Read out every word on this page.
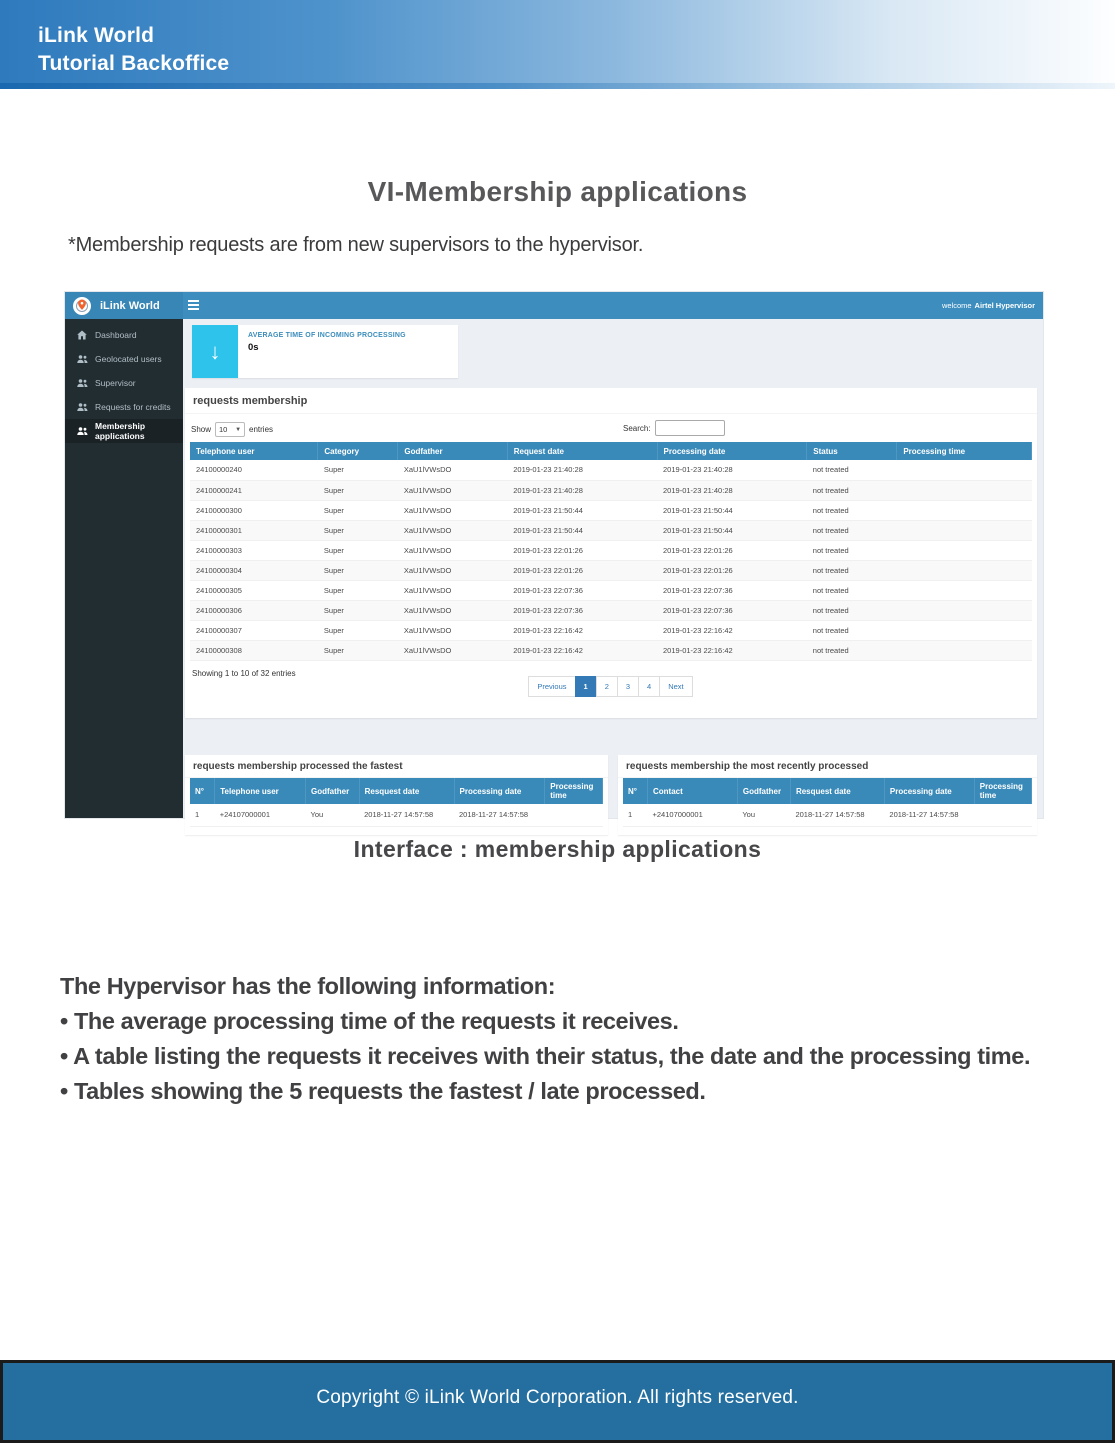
iLink World
Tutorial Backoffice
VI-Membership applications
*Membership requests are from new supervisors to the hypervisor.
iLink World	welcome Airtel Hypervisor
Dashboard
Geolocated users
Supervisor
Requests for credits
Membership applications
↓
AVERAGE TIME OF INCOMING PROCESSING
0s
requests membership
Show 10 ▼ entries	Search:
Telephone user	Category	Godfather	Request date	Processing date	Status	Processing time
24100000240	Super	XaU1lVWsDO	2019-01-23 21:40:28	2019-01-23 21:40:28	not treated	
24100000241	Super	XaU1lVWsDO	2019-01-23 21:40:28	2019-01-23 21:40:28	not treated	
24100000300	Super	XaU1lVWsDO	2019-01-23 21:50:44	2019-01-23 21:50:44	not treated	
24100000301	Super	XaU1lVWsDO	2019-01-23 21:50:44	2019-01-23 21:50:44	not treated	
24100000303	Super	XaU1lVWsDO	2019-01-23 22:01:26	2019-01-23 22:01:26	not treated	
24100000304	Super	XaU1lVWsDO	2019-01-23 22:01:26	2019-01-23 22:01:26	not treated	
24100000305	Super	XaU1lVWsDO	2019-01-23 22:07:36	2019-01-23 22:07:36	not treated	
24100000306	Super	XaU1lVWsDO	2019-01-23 22:07:36	2019-01-23 22:07:36	not treated	
24100000307	Super	XaU1lVWsDO	2019-01-23 22:16:42	2019-01-23 22:16:42	not treated	
24100000308	Super	XaU1lVWsDO	2019-01-23 22:16:42	2019-01-23 22:16:42	not treated	
Showing 1 to 10 of 32 entries
Previous	1	2	3	4	Next
requests membership processed the fastest
N°	Telephone user	Godfather	Resquest date	Processing date	Processing time
1	+24107000001	You	2018-11-27 14:57:58	2018-11-27 14:57:58	
requests membership the most recently processed
N°	Contact	Godfather	Resquest date	Processing date	Processing time
1	+24107000001	You	2018-11-27 14:57:58	2018-11-27 14:57:58	
Interface : membership applications

The Hypervisor has the following information:

• The average processing time of the requests it receives.

• A table listing the requests it receives with their status, the date and the processing time.

• Tables showing the 5 requests the fastest / late processed.

Copyright © iLink World Corporation. All rights reserved.
